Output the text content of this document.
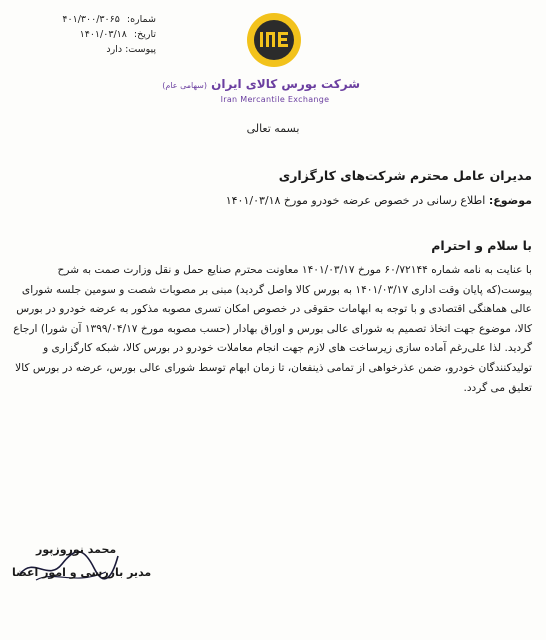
شماره: ۴۰۱/۳۰۰/۳۰۶۵
تاریخ: ۱۴۰۱/۰۳/۱۸
پیوست: دارد
شرکت بورس کالای ایران (سهامی عام)
Iran Mercantile Exchange
بسمه تعالی
مدیران عامل محترم شرکت‌های کارگزاری
موضوع: اطلاع رسانی در خصوص عرضه خودرو مورخ ۱۴۰۱/۰۳/۱۸
با سلام و احترام
با عنایت به نامه شماره ۶۰/۷۲۱۴۴ مورخ ۱۴۰۱/۰۳/۱۷ معاونت محترم صنایع حمل و نقل وزارت صمت به شرح
پیوست(که پایان وقت اداری ۱۴۰۱/۰۳/۱۷ به بورس کالا واصل گردید) مبنی بر مصوبات شصت و سومین جلسه شورای
عالی هماهنگی اقتصادی و با توجه به ابهامات حقوقی در خصوص امکان تسری مصوبه مذکور به عرضه خودرو در بورس
کالا، موضوع جهت اتخاذ تصمیم به شورای عالی بورس و اوراق بهادار (حسب مصوبه مورخ ۱۳۹۹/۰۴/۱۷ آن شورا) ارجاع
گردید. لذا علی‌رغم آماده سازی زیرساخت های لازم جهت انجام معاملات خودرو در بورس کالا، شبکه کارگزاری و
تولیدکنندگان خودرو، ضمن عذرخواهی از تمامی ذینفعان، تا زمان ابهام توسط شورای عالی بورس، عرضه در بورس کالا
تعلیق می گردد.
محمد نوروزپور
مدیر بازرسی و امور اعضا
